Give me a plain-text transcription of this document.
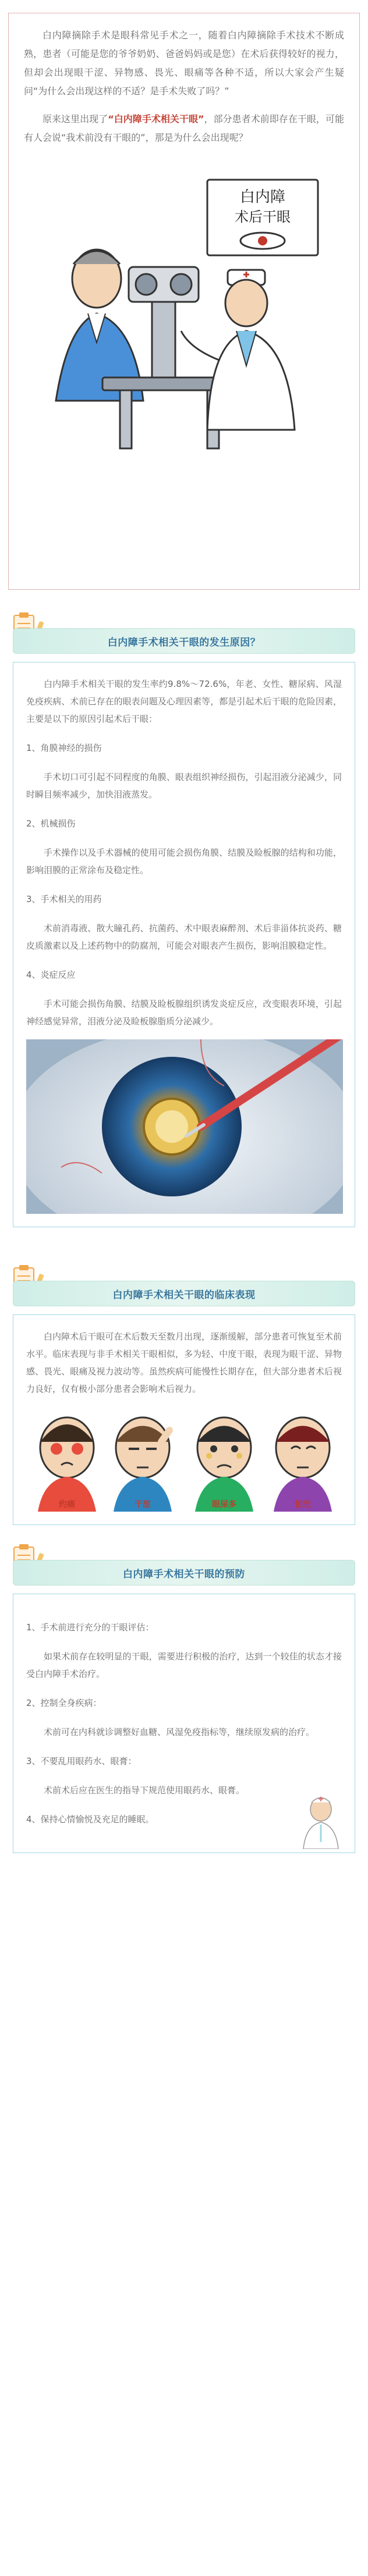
白内障摘除手术是眼科常见手术之一，随着白内障摘除手术技术不断成熟，患者（可能是您的爷爷奶奶、爸爸妈妈或是您）在术后获得较好的视力，但却会出现眼干涩、异物感、畏光、眼痛等各种不适，所以大家会产生疑问“为什么会出现这样的不适？是手术失败了吗？”

原来这里出现了“白内障手术相关干眼”，部分患者术前即存在干眼，可能有人会说“我术前没有干眼的”，那是为什么会出现呢？

白内障
术后干眼
白内障手术相关干眼的发生原因？

白内障手术相关干眼的发生率约9.8%～72.6%，年老、女性、糖尿病、风湿免疫疾病、术前已存在的眼表问题及心理因素等，都是引起术后干眼的危险因素，主要是以下的原因引起术后干眼：

1、角膜神经的损伤

手术切口可引起不同程度的角膜、眼表组织神经损伤，引起泪液分泌减少，同时瞬目频率减少，加快泪液蒸发。

2、机械损伤

手术操作以及手术器械的使用可能会损伤角膜、结膜及睑板腺的结构和功能，影响泪膜的正常涂布及稳定性。

3、手术相关的用药

术前消毒液、散大瞳孔药、抗菌药、术中眼表麻醉剂、术后非甾体抗炎药、糖皮质激素以及上述药物中的防腐剂，可能会对眼表产生损伤，影响泪膜稳定性。

4、炎症反应

手术可能会损伤角膜、结膜及睑板腺组织诱发炎症反应，改变眼表环境，引起神经感觉异常，泪液分泌及睑板腺脂质分泌减少。

白内障手术相关干眼的临床表现

白内障术后干眼可在术后数天至数月出现，逐渐缓解，部分患者可恢复至术前水平。临床表现与非手术相关干眼相似，多为轻、中度干眼，表现为眼干涩、异物感、畏光、眼痛及视力波动等。虽然疾病可能慢性长期存在，但大部分患者术后视力良好，仅有极小部分患者会影响术后视力。

灼痛	干涩	眼屎多	怕光
白内障手术相关干眼的预防

1、手术前进行充分的干眼评估：

如果术前存在较明显的干眼，需要进行积极的治疗，达到一个较佳的状态才接受白内障手术治疗。

2、控制全身疾病：

术前可在内科就诊调整好血糖、风湿免疫指标等，继续原发病的治疗。

3、不要乱用眼药水、眼膏：

术前术后应在医生的指导下规范使用眼药水、眼膏。

4、保持心情愉悦及充足的睡眠。
